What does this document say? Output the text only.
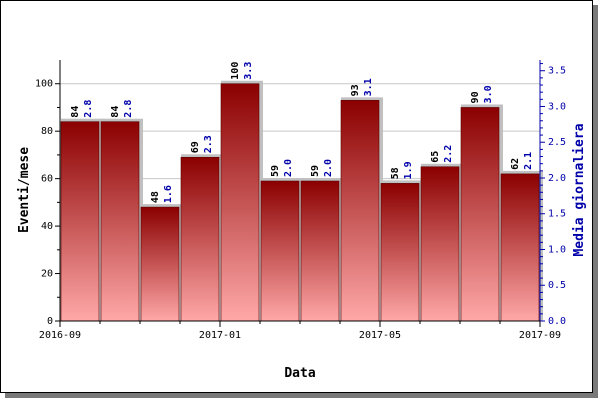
0
20
40
60
80
100
0.0
0.5
1.0
1.5
2.0
2.5
3.0
3.5
2016-09	2017-01	2017-05	2017-09
84 2.8 84 2.8
48 1.6
69 2.3
100 3.3
59 2.0 59 2.0
93 3.1
58 1.9
65 2.2
90 3.0
62 2.1
Data
Eventi/mese	Media giornaliera
